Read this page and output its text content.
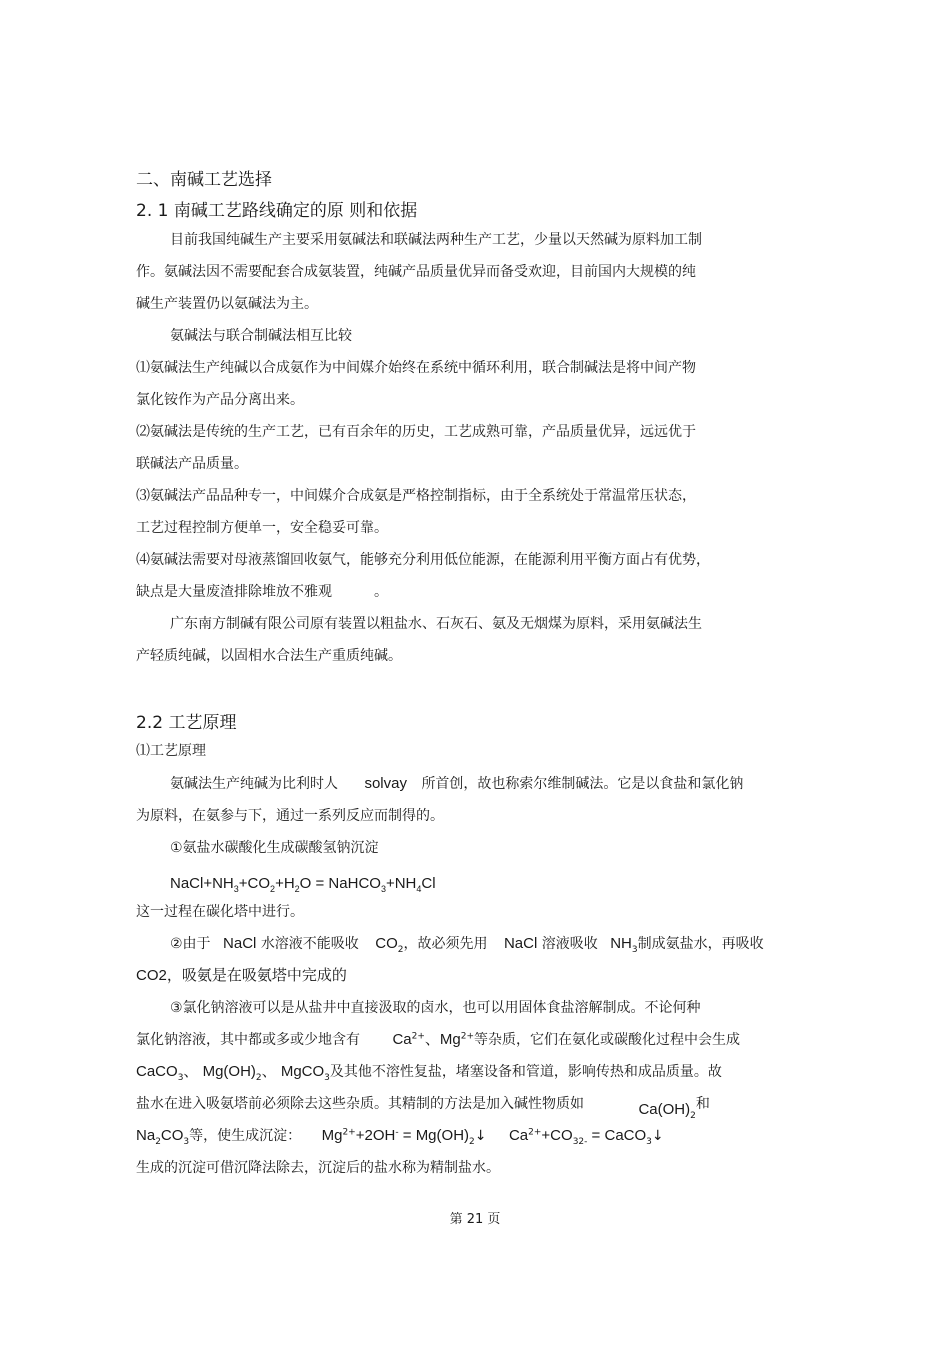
二、南碱工艺选择
2. 1 南碱工艺路线确定的原 则和依据
目前我国纯碱生产主要采用氨碱法和联碱法两种生产工艺，少量以天然碱为原料加工制
作。氨碱法因不需要配套合成氨装置，纯碱产品质量优异而备受欢迎，目前国内大规模的纯
碱生产装置仍以氨碱法为主。
氨碱法与联合制碱法相互比较
⑴氨碱法生产纯碱以合成氨作为中间媒介始终在系统中循环利用，联合制碱法是将中间产物
氯化铵作为产品分离出来。
⑵氨碱法是传统的生产工艺，已有百余年的历史，工艺成熟可靠，产品质量优异，远远优于
联碱法产品质量。
⑶氨碱法产品品种专一，中间媒介合成氨是严格控制指标，由于全系统处于常温常压状态，
工艺过程控制方便单一，安全稳妥可靠。
⑷氨碱法需要对母液蒸馏回收氨气，能够充分利用低位能源，在能源利用平衡方面占有优势，
缺点是大量废渣排除堆放不雅观	。
广东南方制碱有限公司原有装置以粗盐水、石灰石、氨及无烟煤为原料，采用氨碱法生
产轻质纯碱，以固相水合法生产重质纯碱。
2.2 工艺原理
⑴工艺原理
氨碱法生产纯碱为比利时人 solvay 所首创，故也称索尔维制碱法。它是以食盐和氯化钠
为原料，在氨参与下，通过一系列反应而制得的。
①氨盐水碳酸化生成碳酸氢钠沉淀
$NaCl+NH_3+CO_2+H_2O$ = $NaHCO_3+NH_4Cl$
这一过程在碳化塔中进行。
②由于 NaCl 水溶液不能吸收 $CO_2$，故必须先用 NaCl 溶液吸收 $NH_3$制成氨盐水，再吸收
CO2，吸氨是在吸氨塔中完成的
③氯化钠溶液可以是从盐井中直接汲取的卤水，也可以用固体食盐溶解制成。不论何种
氯化钠溶液，其中都或多或少地含有 $Ca^{2+}$、$Mg^{2+}$等杂质，它们在氨化或碳酸化过程中会生成
CaCO$_3$、 $Mg(OH)_2$、 MgCO$_3$及其他不溶性复盐，堵塞设备和管道，影响传热和成品质量。故
盐水在进入吸氨塔前必须除去这些杂质。其精制的方法是加入碱性物质如	$Ca(OH)_2$和
$Na_2CO_3$等，使生成沉淀： $Mg^{2+}+2OH^-$ = $Mg(OH)_2↓$ $Ca^{2+}+CO_{32-}$ = CaCO$_3$↓
生成的沉淀可借沉降法除去，沉淀后的盐水称为精制盐水。
第 21 页
